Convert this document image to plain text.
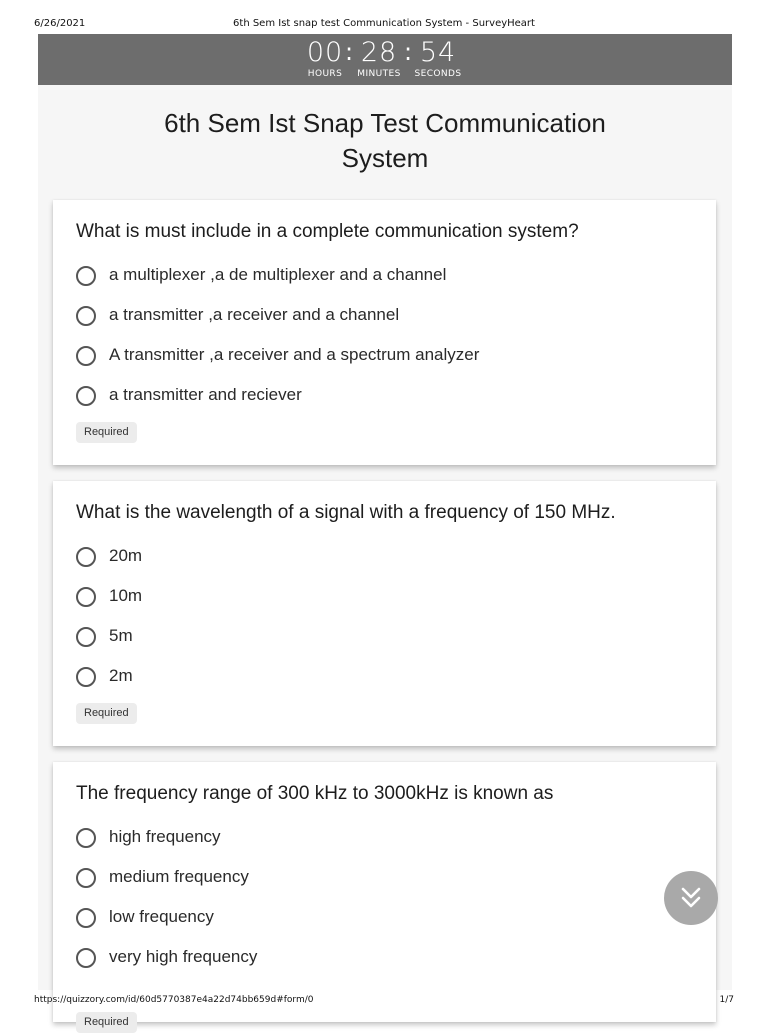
6/26/2021	6th Sem Ist snap test Communication System - SurveyHeart
00
HOURS
: 28
MINUTES
: 54
SECONDS
6th Sem Ist Snap Test Communication System
What is must include in a complete communication system?
a multiplexer ,a de multiplexer and a channel
a transmitter ,a receiver and a channel
A transmitter ,a receiver and a spectrum analyzer
a transmitter and reciever
Required
What is the wavelength of a signal with a frequency of 150 MHz.
20m
10m
5m
2m
Required
The frequency range of 300 kHz to 3000kHz is known as
high frequency
medium frequency
low frequency
very high frequency
Required
https://quizzory.com/id/60d5770387e4a22d74bb659d#form/0	1/7
